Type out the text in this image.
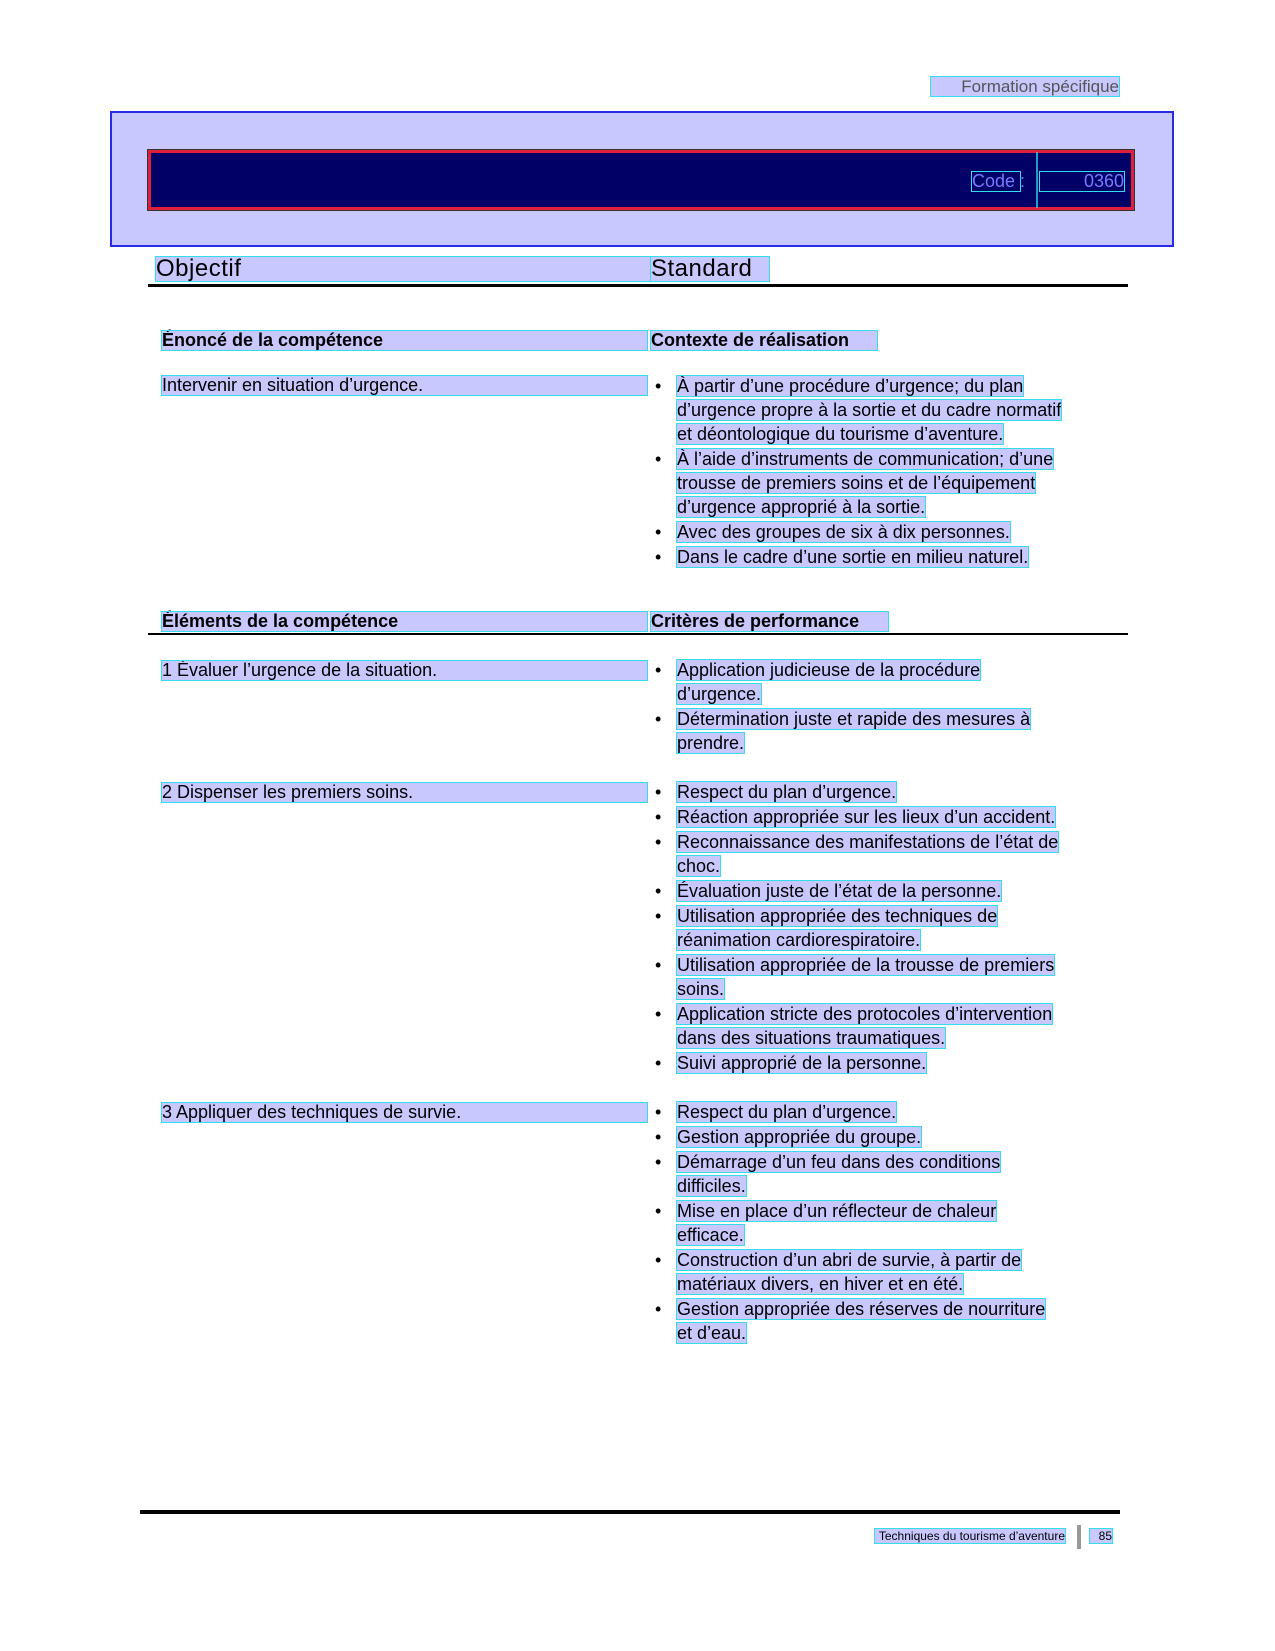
Formation spécifique
Code :	0360
Objectif	Standard
Énoncé de la compétence	Contexte de réalisation
Intervenir en situation d’urgence.	• À partir d’une procédure d’urgence; du plan
d’urgence propre à la sortie et du cadre normatif
et déontologique du tourisme d’aventure.
• À l’aide d’instruments de communication; d’une
trousse de premiers soins et de l’équipement
d’urgence approprié à la sortie.
• Avec des groupes de six à dix personnes.
• Dans le cadre d’une sortie en milieu naturel.
Éléments de la compétence	Critères de performance
1 Évaluer l’urgence de la situation.	• Application judicieuse de la procédure
d’urgence.
• Détermination juste et rapide des mesures à
prendre.
2 Dispenser les premiers soins.	• Respect du plan d’urgence.
• Réaction appropriée sur les lieux d’un accident.
• Reconnaissance des manifestations de l’état de
choc.
• Évaluation juste de l’état de la personne.
• Utilisation appropriée des techniques de
réanimation cardiorespiratoire.
• Utilisation appropriée de la trousse de premiers
soins.
• Application stricte des protocoles d’intervention
dans des situations traumatiques.
• Suivi approprié de la personne.
3 Appliquer des techniques de survie.	• Respect du plan d’urgence.
• Gestion appropriée du groupe.
• Démarrage d’un feu dans des conditions
difficiles.
• Mise en place d’un réflecteur de chaleur
efficace.
• Construction d’un abri de survie, à partir de
matériaux divers, en hiver et en été.
• Gestion appropriée des réserves de nourriture
et d’eau.
Techniques du tourisme d’aventure	85
